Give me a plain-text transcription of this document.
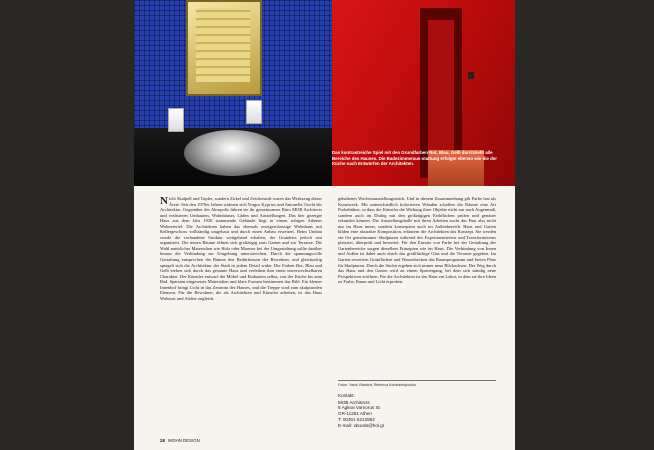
Das kontrastreiche Spiel mit den Grundfarben Rot, Blau, Gelb durchzieht alle Bereiche des Hauses. Die Badezimmeraus-stattung erfolgte ebenso wie die der Küche nach Entwürfen der Architekten.
Nicht Skalpell und Tupfer, sondern Zirkel und Zeichenstift waren das Werkzeug dieser Ärzte. Seit den 1970er Jahren widmen sich Vorgos Kyprios und Antonella Tzichi der Architektur. Gegenüber der Akropolis führen sie ihr gemeinsames Büro MOB Architects und realisieren Umbauten, Wohnhäuser, Läden und Ausstellungen. Das hier gezeigte Haus aus dem Jahr 1930 stammende Gebäude liegt in einem ruhigen Athener Wohnviertel. Die Architekten haben das ehemals zweigeschossige Wohnhaus mit Kellergeschoss vollständig umgebaut und durch einen Anbau erweitert. Beim Umbau wurde die vorhandene Struktur weitgehend erhalten, der Grundriss jedoch neu organisiert. Die neuen Räume öffnen sich großzügig zum Garten und zur Terrasse. Die Wahl natürlicher Materialien wie Holz oder Marmor bei der Umgestaltung sollte darüber hinaus die Verbindung zur Umgebung unterstreichen. Durch die spannungsvolle Gestaltung entsprechen die Räume den Bedürfnissen der Bewohner, und gleichzeitig spiegelt sich die Architektur der Stadt in jedem Detail wider. Die Farben Rot, Blau und Gelb ziehen sich durch das gesamte Haus und verleihen ihm einen unverwechselbaren Charakter. Der Künstler entwarf die Möbel und Einbauten selbst, von der Küche bis zum Bad. Sparsam eingesetzte Materialien und klare Formen bestimmen das Bild. Ein kleiner Innenhof bringt Licht in das Zentrum des Hauses, und die Treppe wird zum skulpturalen Element. Für die Bewohner, die als Architekten und Künstler arbeiten, ist das Haus Wohnort und Atelier zugleich.
gehaltenes Wochenausstellungsstück. Und in diesem Zusammenhang gilt Farbe fast als Kunstwerk. Mit unterschiedlich kolorierten Wänden schaffen die Räume eine Art Probebühne, so dass die Künstler die Wirkung ihrer Objekte nicht nur nach Augenmaß, sondern auch im Dialog mit den großzügigen Farbflächen prüfen und genauer erkunden können. Die Ausstellungshalle mit ihren Arbeiten sucht das Paar also nicht nur im Haus innen, sondern konsequent auch im Außenbereich. Haus und Garten bilden eine abstrakte Komposition, erläutern die Architekten das Konzept. Sie werden ein Ort gemeinsamer Skulpturen während des Experimentierens und Transformierens platziert, überprüft und bewertet. Für den Einsatz von Farbe bei der Gestaltung der Gartenbereiche sorgen dieselben Prinzipien wie im Haus. Die Verbindung von Innen und Außen ist dabei auch durch das großflächige Glas und die Terrasse gegeben. Im Garten erweitern Grünflächen und Wasserbecken das Raumprogramm und bieten Platz für Skulpturen. Durch die Stufen ergeben sich immer neue Blickachsen. Der Weg durch das Haus und den Garten wird zu einem Spaziergang, bei dem sich ständig neue Perspektiven eröffnen. Für die Architekten ist das Haus ein Labor, in dem sie ihre Ideen zu Farbe, Raum und Licht erproben.
Fotos: Yanis Vlastara, Rebecca Konstantopoulou
Kontakt:
MOB Architects
8 Agkrai Varnorus St
GR-11251 Athen
T: 00301 6212882
E-mail: vboutis@hol.gr
28 WOHN DESIGN
